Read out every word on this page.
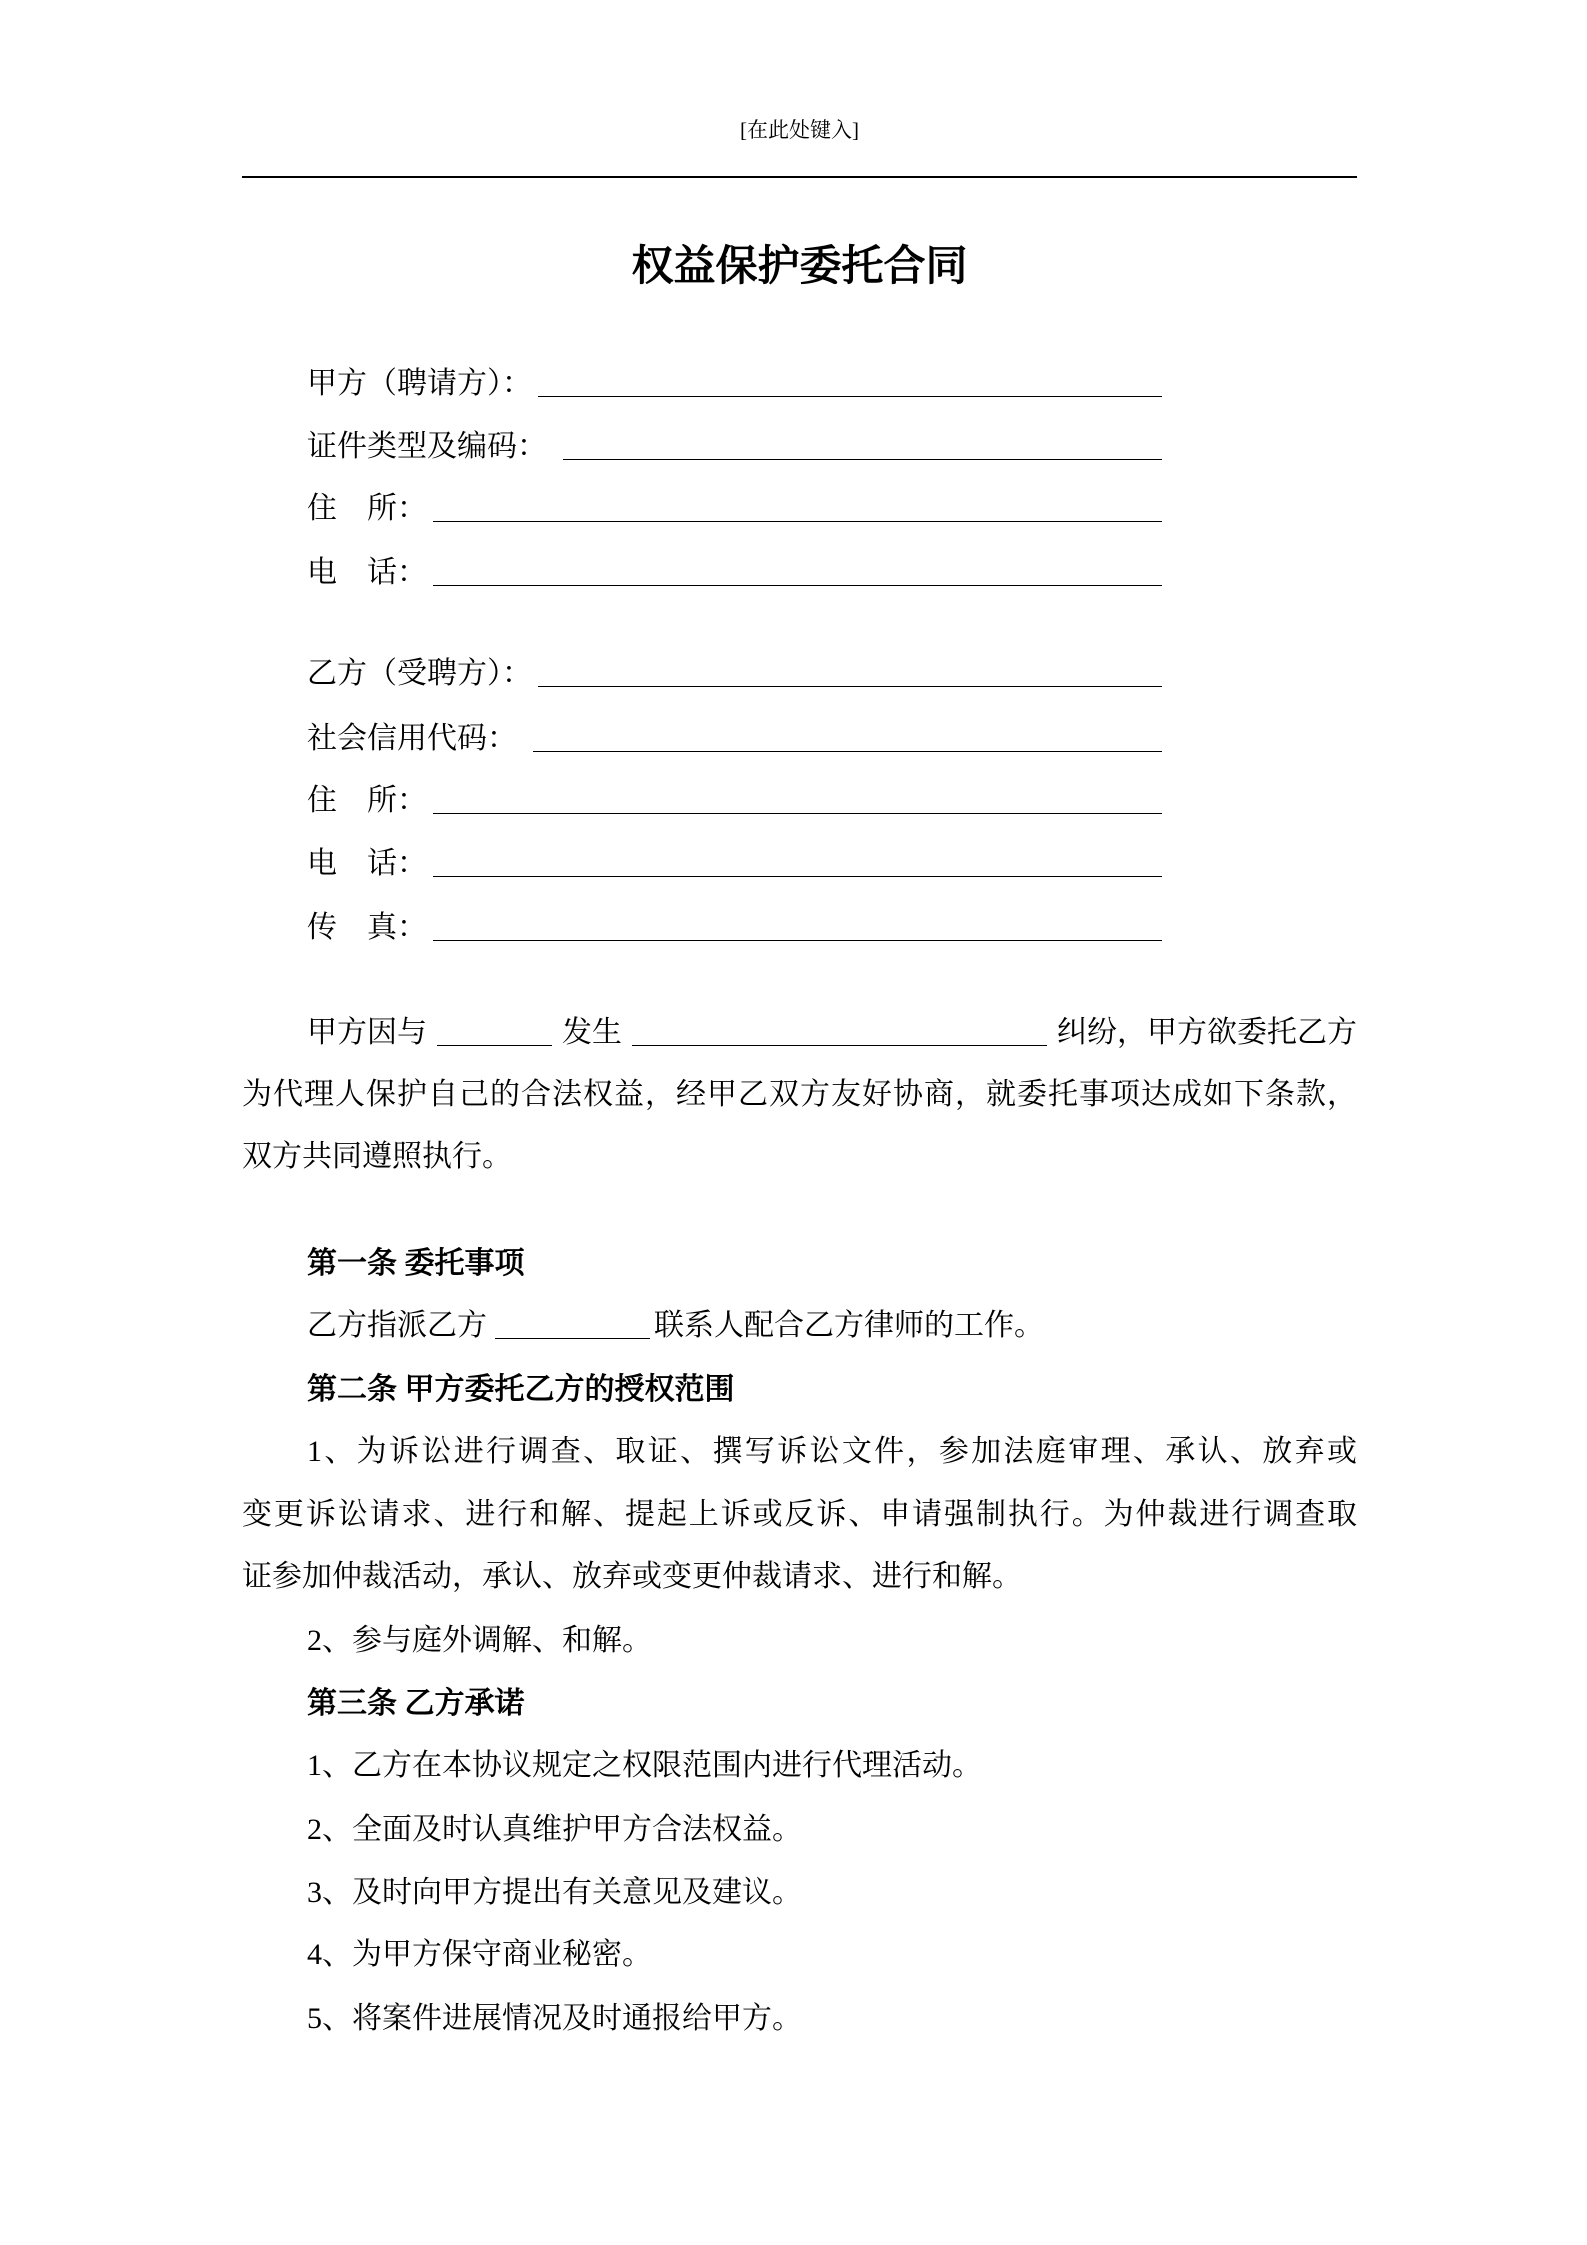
[在此处键入]
权益保护委托合同
甲方（聘请方）：
证件类型及编码：
住　所：
电　话：
乙方（受聘方）：
社会信用代码：
住　所：
电　话：
传　真：
甲方因与	发生	纠纷，甲方欲委托乙方
为代理人保护自己的合法权益，经甲乙双方友好协商，就委托事项达成如下条款，
双方共同遵照执行。
第一条 委托事项
乙方指派乙方	联系人配合乙方律师的工作。
第二条 甲方委托乙方的授权范围
1、为诉讼进行调查、取证、撰写诉讼文件，参加法庭审理、承认、放弃或
变更诉讼请求、进行和解、提起上诉或反诉、申请强制执行。为仲裁进行调查取
证参加仲裁活动，承认、放弃或变更仲裁请求、进行和解。
2、参与庭外调解、和解。
第三条 乙方承诺
1、乙方在本协议规定之权限范围内进行代理活动。
2、全面及时认真维护甲方合法权益。
3、及时向甲方提出有关意见及建议。
4、为甲方保守商业秘密。
5、将案件进展情况及时通报给甲方。
